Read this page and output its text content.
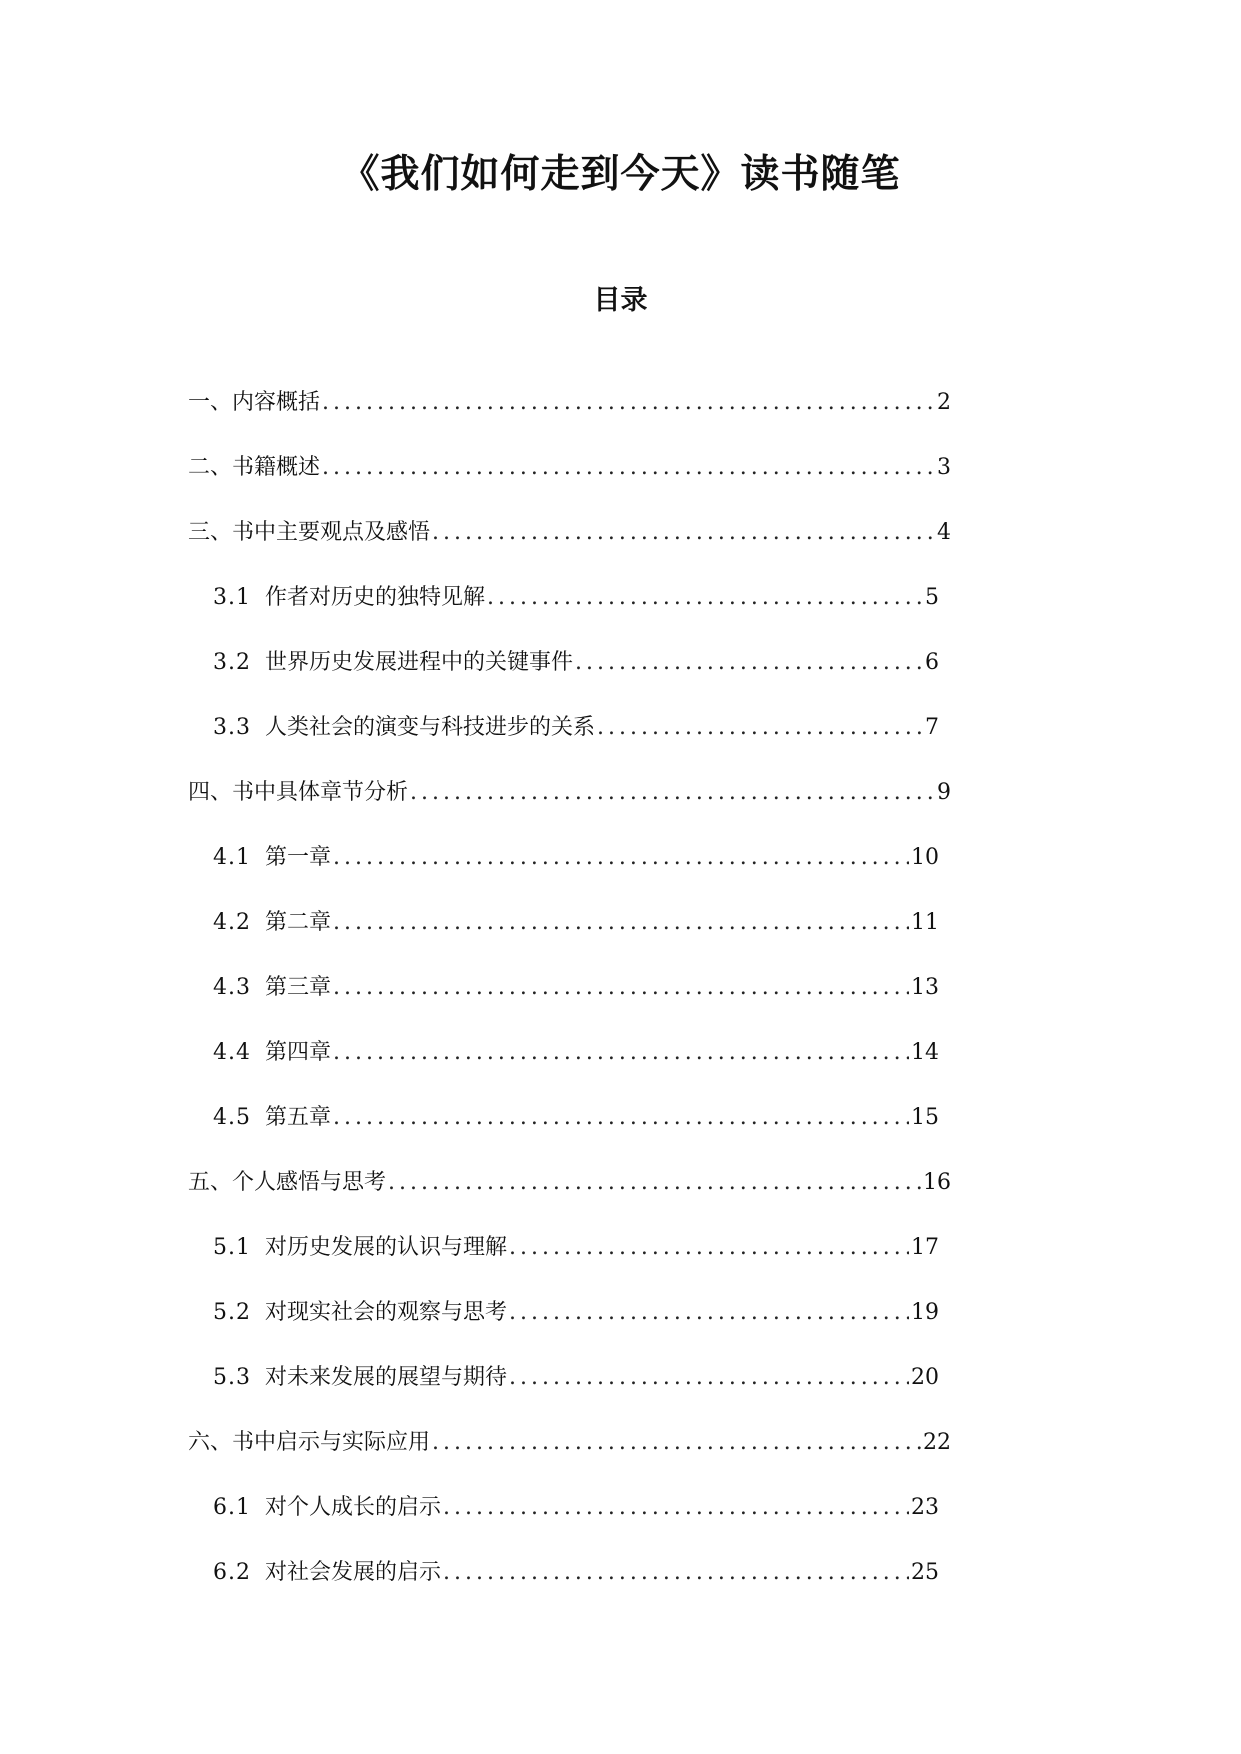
《我们如何走到今天》读书随笔
目录
一、内容概括 .....	2
二、书籍概述 .....	3
三、书中主要观点及感悟 .....	4
3.1 作者对历史的独特见解 .....	5
3.2 世界历史发展进程中的关键事件 .....	6
3.3 人类社会的演变与科技进步的关系 .....	7
四、书中具体章节分析 .....	9
4.1 第一章 .....	10
4.2 第二章 .....	11
4.3 第三章 .....	13
4.4 第四章 .....	14
4.5 第五章 .....	15
五、个人感悟与思考 .....	16
5.1 对历史发展的认识与理解 .....	17
5.2 对现实社会的观察与思考 .....	19
5.3 对未来发展的展望与期待 .....	20
六、书中启示与实际应用 .....	22
6.1 对个人成长的启示 .....	23
6.2 对社会发展的启示 .....	25
